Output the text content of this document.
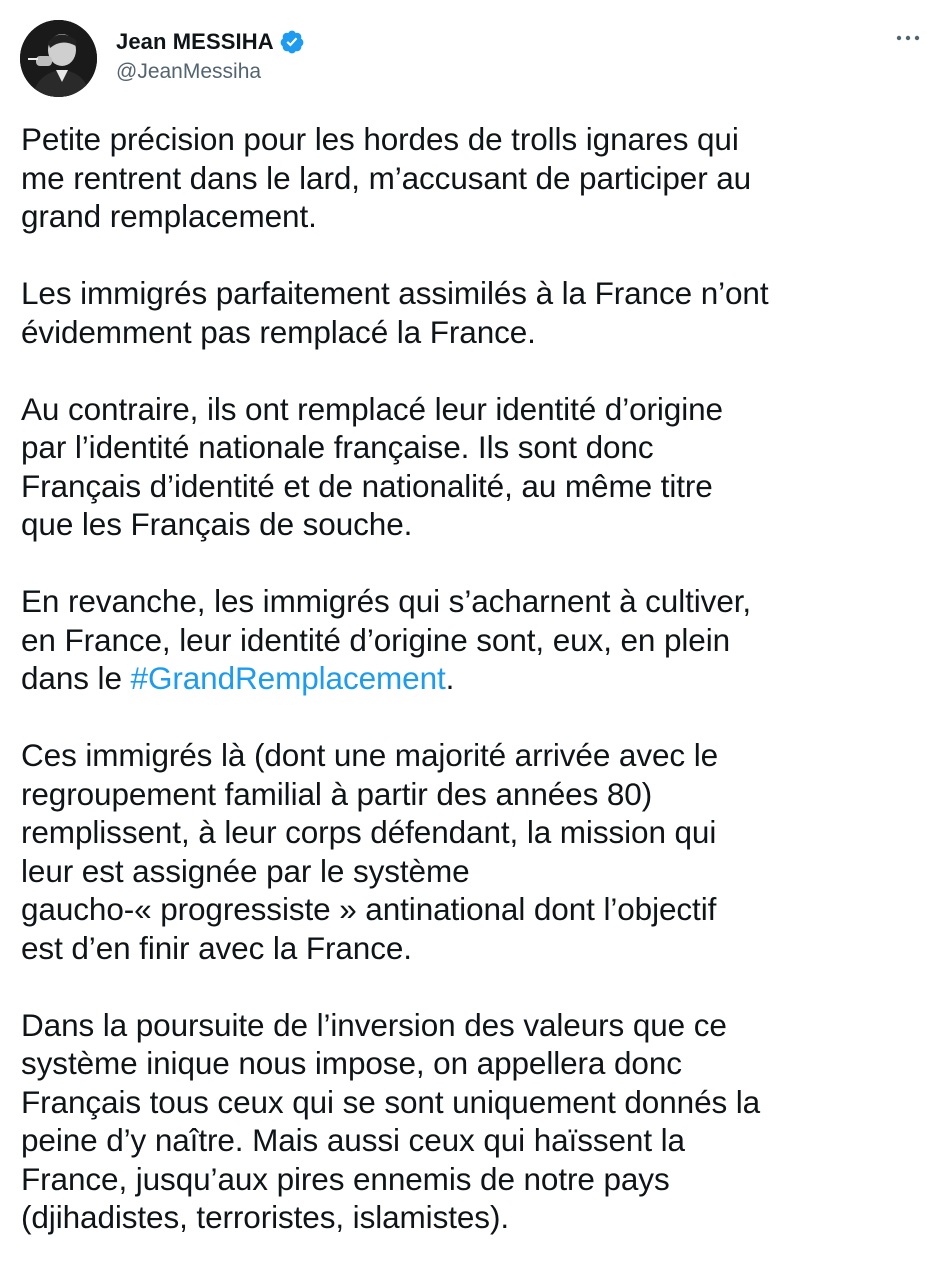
Jean MESSIHA
@JeanMessiha
Petite précision pour les hordes de trolls ignares qui
me rentrent dans le lard, m’accusant de participer au
grand remplacement.
Les immigrés parfaitement assimilés à la France n’ont
évidemment pas remplacé la France.
Au contraire, ils ont remplacé leur identité d’origine
par l’identité nationale française. Ils sont donc
Français d’identité et de nationalité, au même titre
que les Français de souche.
En revanche, les immigrés qui s’acharnent à cultiver,
en France, leur identité d’origine sont, eux, en plein
dans le #GrandRemplacement.
Ces immigrés là (dont une majorité arrivée avec le
regroupement familial à partir des années 80)
remplissent, à leur corps défendant, la mission qui
leur est assignée par le système
gaucho-« progressiste » antinational dont l’objectif
est d’en finir avec la France.
Dans la poursuite de l’inversion des valeurs que ce
système inique nous impose, on appellera donc
Français tous ceux qui se sont uniquement donnés la
peine d’y naître. Mais aussi ceux qui haïssent la
France, jusqu’aux pires ennemis de notre pays
(djihadistes, terroristes, islamistes).
